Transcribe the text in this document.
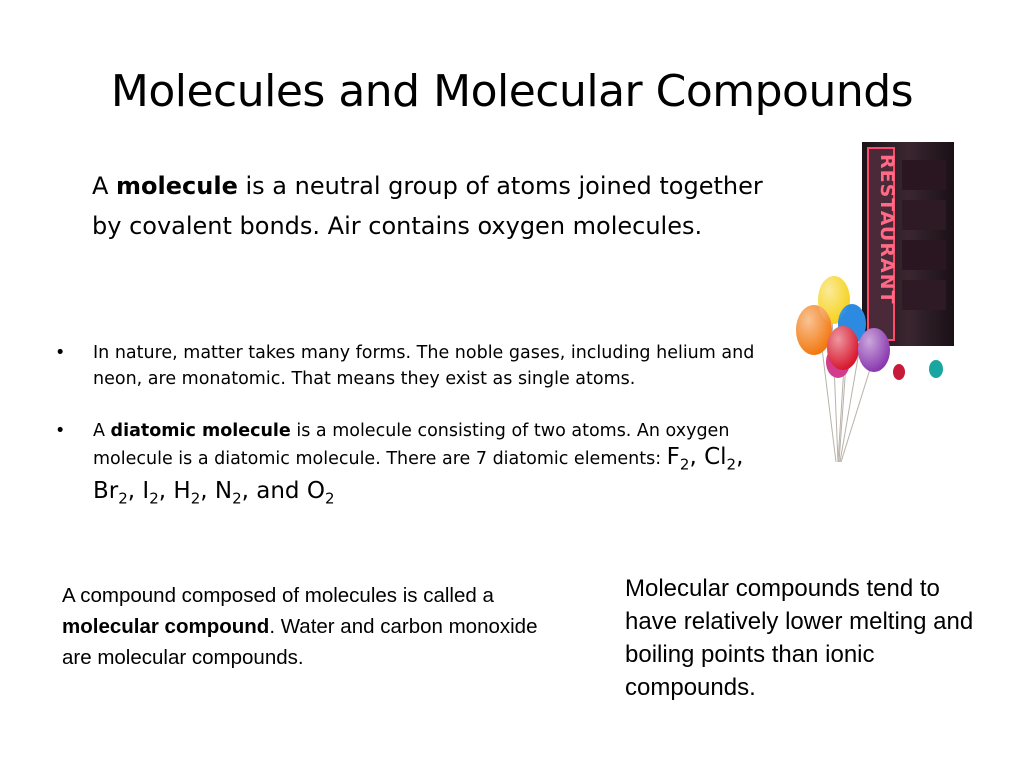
Molecules and Molecular Compounds
A molecule is a neutral group of atoms joined together by covalent bonds. Air contains oxygen molecules.
• In nature, matter takes many forms. The noble gases, including helium and neon, are monatomic. That means they exist as single atoms.
• A diatomic molecule is a molecule consisting of two atoms. An oxygen molecule is a diatomic molecule. There are 7 diatomic elements: $F_2$, $Cl_2$, $Br_2$, $I_2$, $H_2$, $N_2$, and $O_2$
A compound composed of molecules is called a molecular compound. Water and carbon monoxide are molecular compounds.
Molecular compounds tend to have relatively lower melting and boiling points than ionic compounds.
RESTAURANT
